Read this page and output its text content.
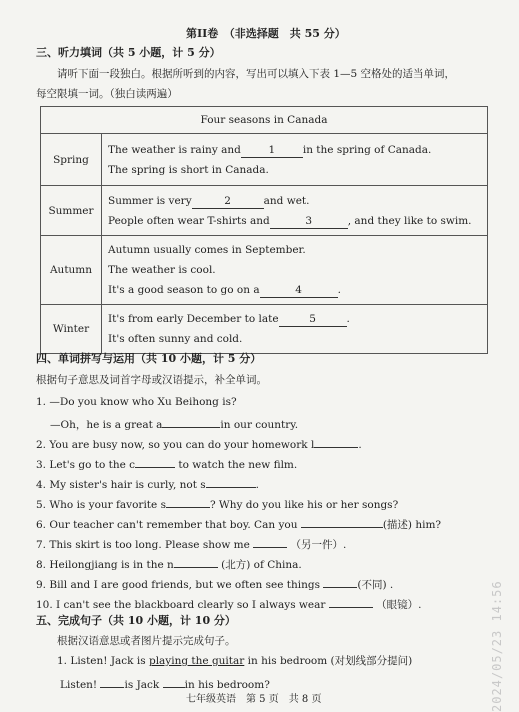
第II卷　（非选择题　共 55 分）
三、听力填词（共 5 小题，计 5 分）
请听下面一段独白。根据所听到的内容，写出可以填入下表 1—5 空格处的适当单词，
每空限填一词。（独白读两遍）
Four seasons in Canada	
Spring	The weather is rainy and 1 in the spring of Canada.
The spring is short in Canada.

Summer	Summer is very 2 and wet.
People often wear T-shirts and 3 , and they like to swim.

Autumn	Autumn usually comes in September.
The weather is cool.
It's a good season to go on a 4 .

Winter	It's from early December to late 5 .
It's often sunny and cold.
四、单词拼写与运用（共 10 小题，计 5 分）
根据句子意思及词首字母或汉语提示，补全单词。
1. —Do you know who Xu Beihong is?
—Oh，he is a great a	in our country.
2. You are busy now, so you can do your homework l	.
3. Let's go to the c	to watch the new film.
4. My sister's hair is curly, not s	.
5. Who is your favorite s	? Why do you like his or her songs?
6. Our teacher can't remember that boy. Can you	(描述) him?
7. This skirt is too long. Please show me	（另一件）.
8. Heilongjiang is in the n	(北方) of China.
9. Bill and I are good friends, but we often see things	(不同) .
10. I can't see the blackboard clearly so I always wear	（眼镜）.
五、完成句子（共 10 小题，计 10 分）
根据汉语意思或者图片提示完成句子。
1. Listen! Jack is playing the guitar in his bedroom (对划线部分提问)
Listen!	is Jack in his bedroom?
七年级英语　第 5 页　共 8 页	2024/05/23 14:56
